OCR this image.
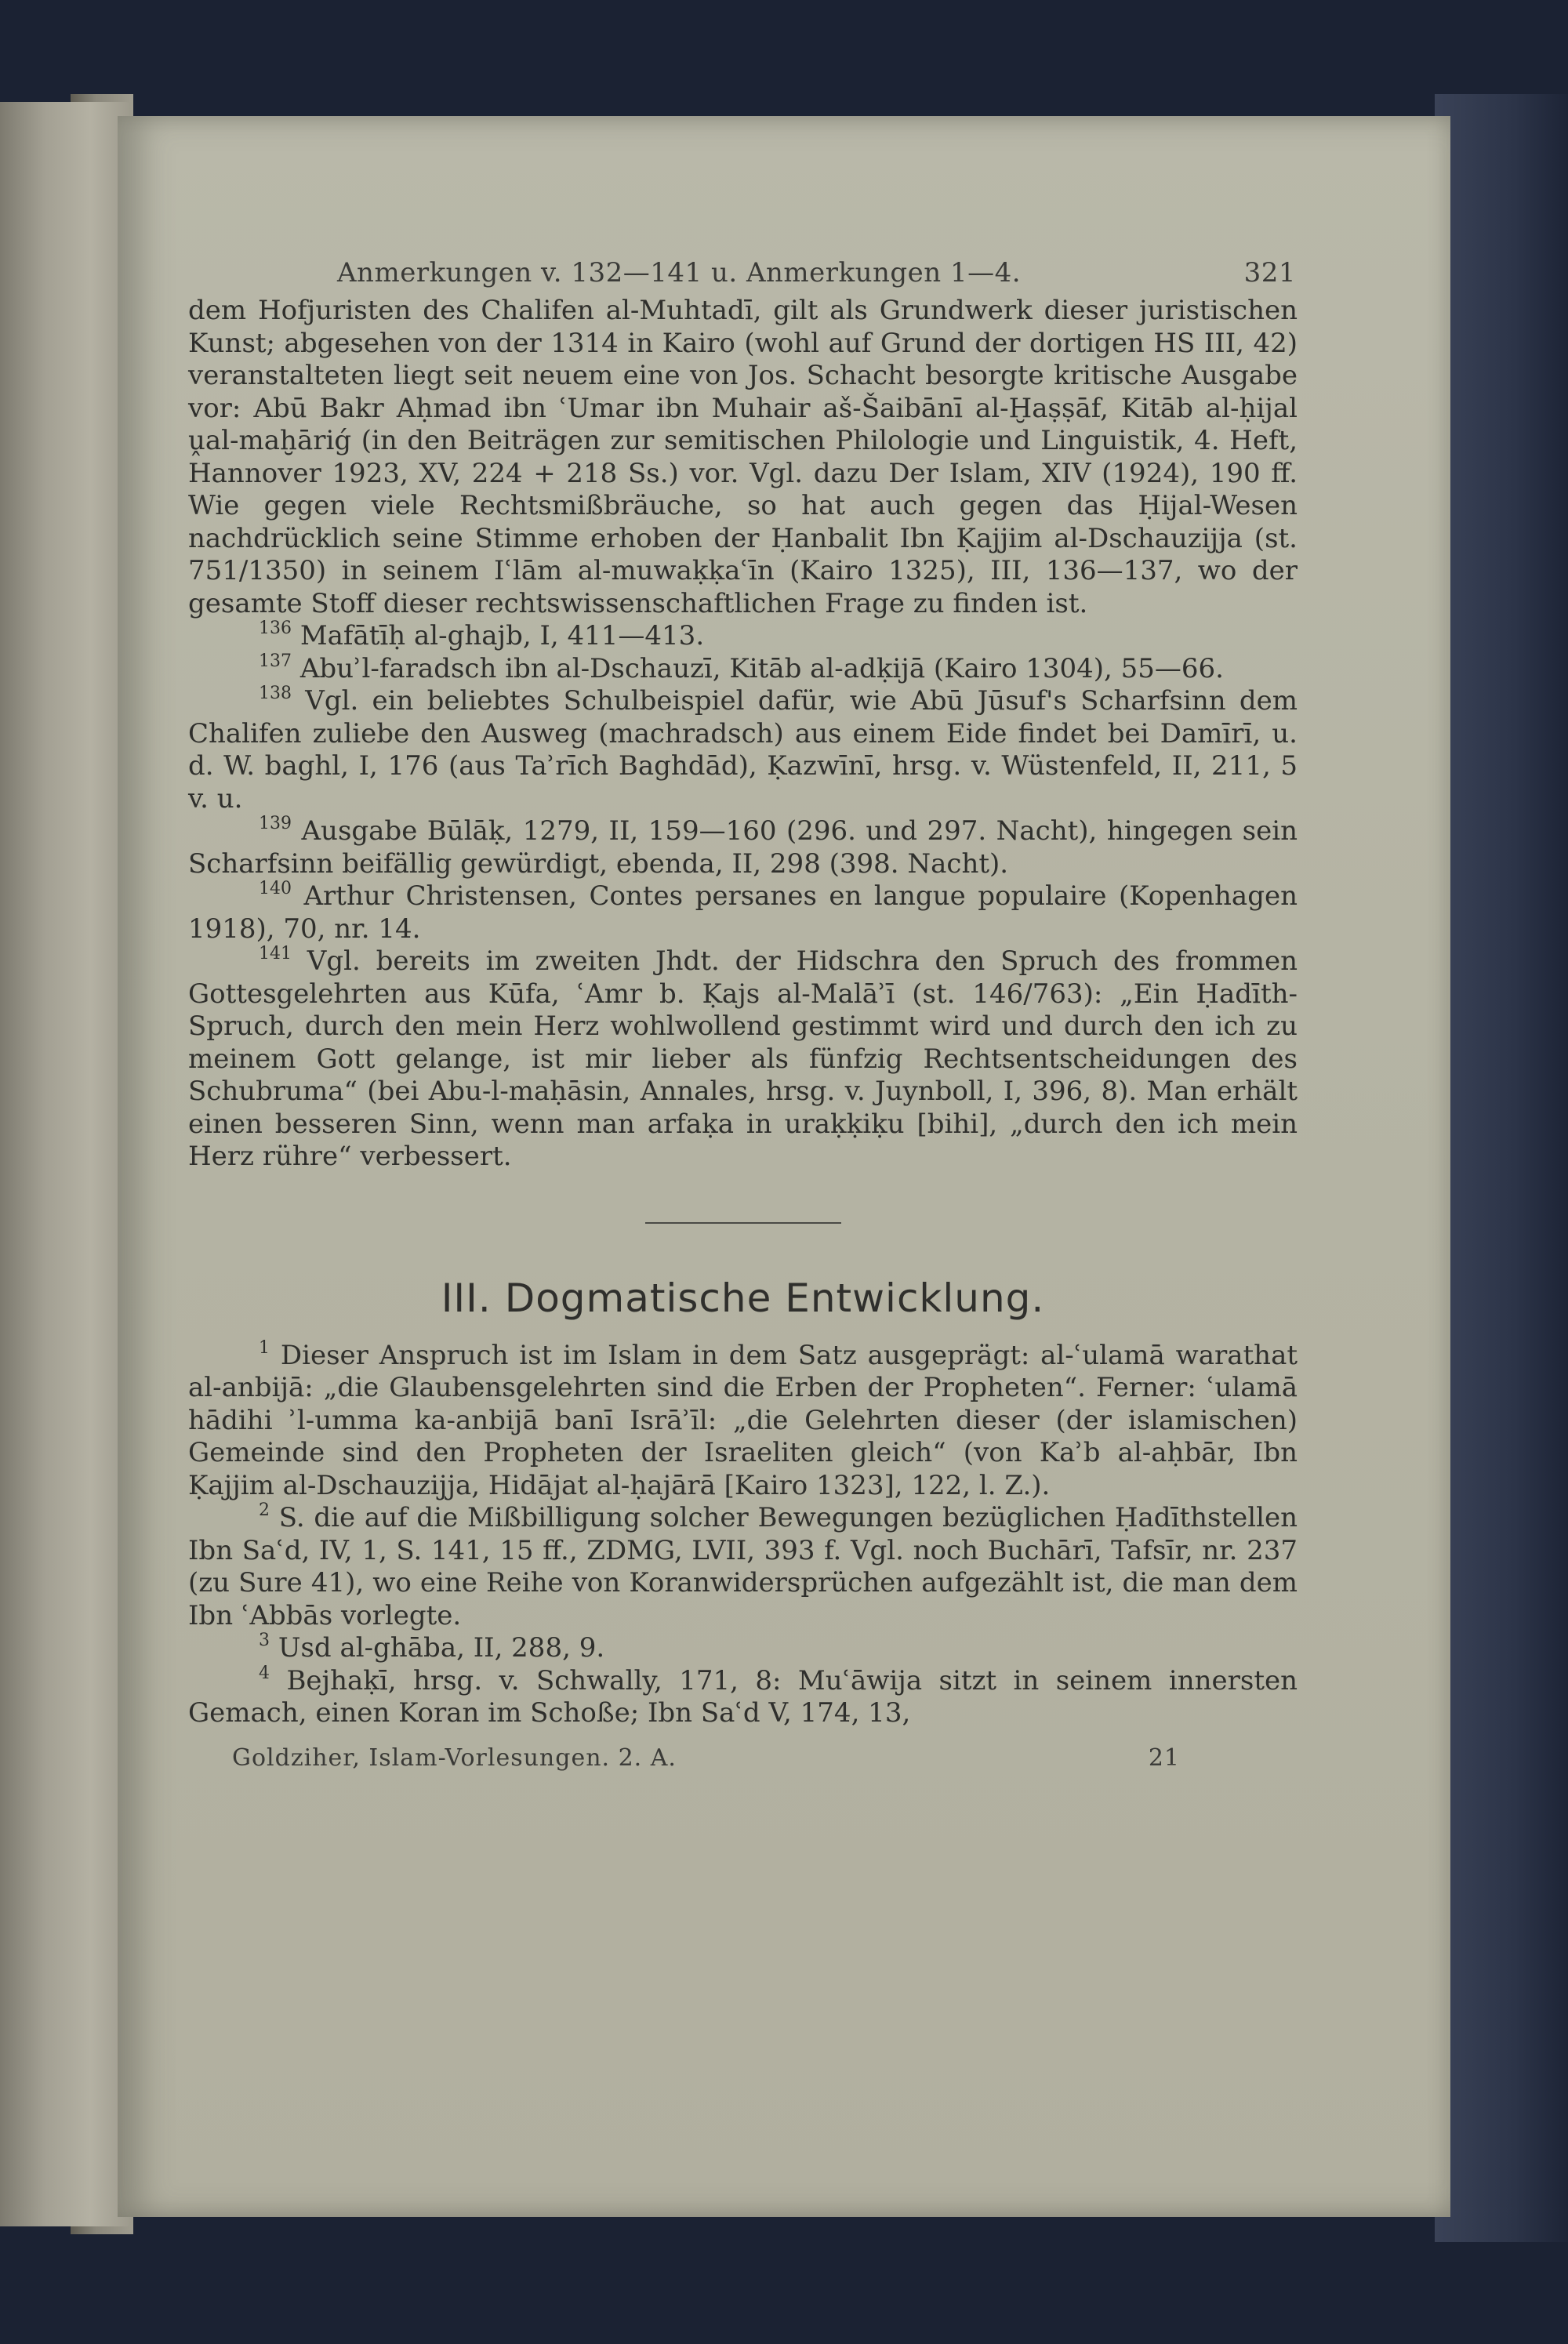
Anmerkungen v. 132—141 u. Anmerkungen 1—4.	321

dem Hofjuristen des Chalifen al-Muhtadī, gilt als Grundwerk dieser juristischen Kunst; abgesehen von der 1314 in Kairo (wohl auf Grund der dortigen HS III, 42) veranstalteten liegt seit neuem eine von Jos. Schacht besorgte kritische Ausgabe vor: Abū Bakr Aḥmad ibn ʿUmar ibn Muhair aš-Šaibānī al-Ḫaṣṣāf, Kitāb al-ḥijal ṷal-maḫāriǵ (in den Beiträgen zur semitischen Philologie und Linguistik, 4. Heft, Hannover 1923, XV, 224 + 218 Ss.) vor. Vgl. dazu Der Islam, XIV (1924), 190 ff. Wie gegen viele Rechtsmißbräuche, so hat auch gegen das Ḥijal-Wesen nachdrücklich seine Stimme erhoben der Ḥanbalit Ibn Ḳajjim al-Dschauzijja (st. 751/1350) in seinem Iʿlām al-muwaḳḳaʿīn (Kairo 1325), III, 136—137, wo der gesamte Stoff dieser rechtswissenschaftlichen Frage zu finden ist.

$^{136}$ Mafātīḥ al-ghajb, I, 411—413.

$^{137}$ Abuʾl-faradsch ibn al-Dschauzī, Kitāb al-adḳijā (Kairo 1304), 55—66.

$^{138}$ Vgl. ein beliebtes Schulbeispiel dafür, wie Abū Jūsuf's Scharfsinn dem Chalifen zuliebe den Ausweg (machradsch) aus einem Eide findet bei Damīrī, u. d. W. baghl, I, 176 (aus Taʾrīch Baghdād), Ḳazwīnī, hrsg. v. Wüstenfeld, II, 211, 5 v. u.

$^{139}$ Ausgabe Būlāḳ, 1279, II, 159—160 (296. und 297. Nacht), hingegen sein Scharfsinn beifällig gewürdigt, ebenda, II, 298 (398. Nacht).

$^{140}$ Arthur Christensen, Contes persanes en langue populaire (Kopenhagen 1918), 70, nr. 14.

$^{141}$ Vgl. bereits im zweiten Jhdt. der Hidschra den Spruch des frommen Gottesgelehrten aus Kūfa, ʿAmr b. Ḳajs al-Malāʾī (st. 146/763): „Ein Ḥadīth-Spruch, durch den mein Herz wohlwollend gestimmt wird und durch den ich zu meinem Gott gelange, ist mir lieber als fünfzig Rechtsentscheidungen des Schubruma“ (bei Abu-l-maḥāsin, Annales, hrsg. v. Juynboll, I, 396, 8). Man erhält einen besseren Sinn, wenn man arfaḳa in uraḳḳiḳu [bihi], „durch den ich mein Herz rühre“ verbessert.

III. Dogmatische Entwicklung.

$^1$ Dieser Anspruch ist im Islam in dem Satz ausgeprägt: al-ʿulamā warathat al-anbijā: „die Glaubensgelehrten sind die Erben der Propheten“. Ferner: ʿulamā hādihi ʾl-umma ka-anbijā banī Isrāʾīl: „die Gelehrten dieser (der islamischen) Gemeinde sind den Propheten der Israeliten gleich“ (von Kaʾb al-aḥbār, Ibn Ḳajjim al-Dschauzijja, Hidājat al-ḥajārā [Kairo 1323], 122, l. Z.).

$^2$ S. die auf die Mißbilligung solcher Bewegungen bezüglichen Ḥadīthstellen Ibn Saʿd, IV, 1, S. 141, 15 ff., ZDMG, LVII, 393 f. Vgl. noch Buchārī, Tafsīr, nr. 237 (zu Sure 41), wo eine Reihe von Koranwidersprüchen aufgezählt ist, die man dem Ibn ʿAbbās vorlegte.

$^3$ Usd al-ghāba, II, 288, 9.

$^4$ Bejhaḳī, hrsg. v. Schwally, 171, 8: Muʿāwija sitzt in seinem innersten Gemach, einen Koran im Schoße; Ibn Saʿd V, 174, 13,

Goldziher, Islam-Vorlesungen. 2. A.	21
